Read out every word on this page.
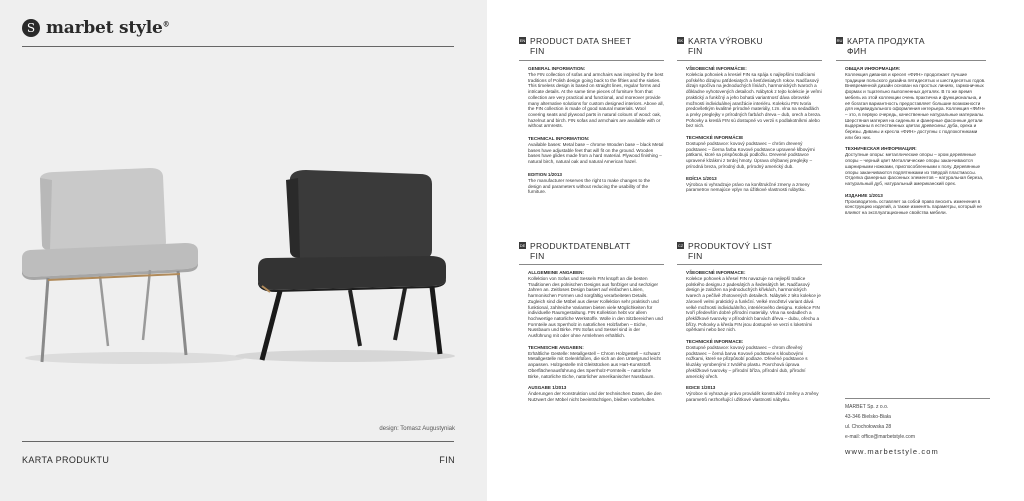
S marbet style®
design: Tomasz Augustyniak
KARTA PRODUKTU	FIN
EN PRODUCT DATA SHEET
FIN
GENERAL INFORMATION:
The FIN collection of sofas and armchairs was inspired by the best traditions of Polish design going back to the fifties and the sixties. This timeless design is based on straight lines, regular forms and intricate details. At the same time pieces of furniture from that collection are very practical and functional, and moreover provide many alternative solutions for custom designed interiors. Above all, the FIN collection is made of good natural materials. Wool covering seats and plywood parts in natural colours of wood: oak, hazelnut and birch. FIN sofas and armchairs are available with or without armrests.
TECHNICAL INFORMATION:
Available bases: Metal base – chrome Wooden base – black Metal bases have adjustable feet that will fit on the ground. Wooden bases have glides made from a hard material. Plywood finishing – natural birch, natural oak and natural American hazel.
EDITION 1/2013
The manufacturer reserves the right to make changes to the design and parameters without reducing the usability of the furniture.
DE PRODUKTDATENBLATT
FIN
ALLGEMEINE ANGABEN:
Kollektion von Sofas und Sesseln FIN knüpft an die besten Traditionen des polnischen Designs aus fünfziger und sechziger Jahren an. Zeitloses Design basiert auf einfachen Linien, harmonischen Formen und sorgfältig verarbeiteten Details. Zugleich sind die Möbel aus dieser Kollektion sehr praktisch und funktional, zahlreiche Varianten bieten viele Möglichkeiten für individuelle Raumgestaltung. FIN Kollektion hebt vor allem hochwertige natürliche Werkstoffe. Wolle in den Sitzbereichen und Formteile aus Sperrholz in natürlichen Holzfarben – Eiche, Nussbaum und Birke. FIN Sofas und Sessel sind in der Ausführung mit oder ohne Armlehnen erhältlich.
TECHNISCHE ANGABEN:
Erhältliche Gestelle: Metallgestell – Chrom Holzgestell – schwarz Metallgestelle mit Gelenkfüßen, die sich an den Untergrund leicht anpassen. Holzgestelle mit Gleitstücken aus Hart-Kunststoff. Oberflächenausführung des Sperrholz-Formteils – natürliche Birke, natürliche Eiche, natürlicher amerikanischer Nussbaum.
AUSGABE 1/2013
Änderungen der Konstruktion und der technischen Daten, die den Nutzwert der Möbel nicht beeinträchtigen, bleiben vorbehalten.
SK KARTA VÝROBKU
FIN
VŠEOBECNÉ INFORMÁCIE:
Kolekcia pohoviek a kresiel FIN sa spája s najlepšími tradíciami poľského dizajnu päťdesiatych a šesťdesiatych rokov. Nadčasový dizajn spočíva na jednoduchých líniách, harmonických tvaroch a dôkladne vyhotovených detailoch. Nábytok z tejto kolekcie je veľmi praktický a funkčný a jeho bohatá variantnosť dáva obrovské možnosti individuálnej aranžácie interiéru. Kolekciu FIN tvoria predovšetkým kvalitné prírodné materiály, t.zn. vlna na sedadlách a prvky preglejky v prírodných farbách dreva – dub, orech a breza. Pohovky a kreslá FIN sú dostupné vo verzii s podlakotníkmi alebo bez nich.
TECHNICKÉ INFORMÁCIE
Dostupné podstavce: kovový podstavec – chróm drevený podstavec – čierna farba Kovové podstavce upravené kĺbovými pätkami, ktoré sa prispôsobujú podložiu. Drevené podstavce upravené klzákmi z tvrdej hmoty. Úprava ohýbanej preglejky – prírodná breza, prírodný dub, prírodný americký dub.
EDÍCIA 1/2013
Výrobca si vyhradzuje právo na konštrukčné zmeny a zmeny parametrov nemajúce vplyv na úžitkové vlastnosti nábytku.
CZ PRODUKTOVÝ LIST
FIN
VŠEOBECNÉ INFORMACE:
Kolekce pohovek a křesel FIN navazuje na nejlepší tradice polského designu z padesátých a šedesátých let. Nadčasový design je založen na jednoduchých křivkách, harmonických tvarech a pečlivě zhotovených detailech. Nábytek z této kolekce je zároveň velmi praktický a funkční. Velké množství variant dává velké možnosti individuálního, interiérového designu. Kolekce FIN tvoří především dobré přírodní materiály. Vlna na sedadlech a překližkové tvarovky v přírodních barvách dřeva – dubu, ořechu a břízy. Pohovky a křesla FIN jsou dostupné ve verzi s loketními opěrkami nebo bez nich.
TECHNICKÉ INFORMACE:
Dostupné podstavce: kovový podstavec – chrom dřevěný podstavec – černá barva Kovové podstavce s kloubovými nožkami, které se přizpůsobí podlaze. Dřevěné podstavce s kluzáky vyrobenými z tvrdého plastu. Povrchová úprava překližkové tvarovky – přírodní bříza, přírodní dub, přírodní americký ořech.
EDICE 1/2013
Výrobce si vyhrazuje právo provádět konstrukční změny a změny parametrů nezhoršující užitkové vlastnosti nábytku.
RU КАРТА ПРОДУКТА
ФИН
ОБЩАЯ ИНФОРМАЦИЯ:
Коллекция диванов и кресел «ФИН» продолжает лучшие традиции польского дизайна пятидесятых и шестидесятых годов. Вневременной дизайн основан на простых линиях, гармоничных формах и тщательно выполненных деталях. В то же время мебель из этой коллекции очень практична и функциональна, и её богатая вариантность предоставляет большие возможности для индивидуального оформления интерьера. Коллекция «ФИН» – это, в первую очередь, качественные натуральные материалы. Шерстяная материя на сиденьях и фанерные фасонные детали выдержаны в естественных цветах древесины: дуба, ореха и березы. Диваны и кресла «ФИН» доступны с подлокотниками или без них.
ТЕХНИЧЕСКАЯ ИНФОРМАЦИЯ:
Доступные опоры: металлические опоры – хром деревянные опоры – черный цвет Металлические опоры заканчиваются шарнирными ножками, приспособленными к полу. Деревянные опоры заканчиваются подпятниками из твёрдой пластмассы. Отделка фанерных фасонных элементов – натуральная береза, натуральный дуб, натуральный американский орех.
ИЗДАНИЕ 1/2013
Производитель оставляет за собой право вносить изменения в конструкцию изделий, а также изменять параметры, который не влияют на эксплуатационные свойства мебели.
MARBET Sp. z o.o.
43-346 Bielsko-Biała
ul. Chochołowska 28
e-mail: office@marbetstyle.com
www.marbetstyle.com
